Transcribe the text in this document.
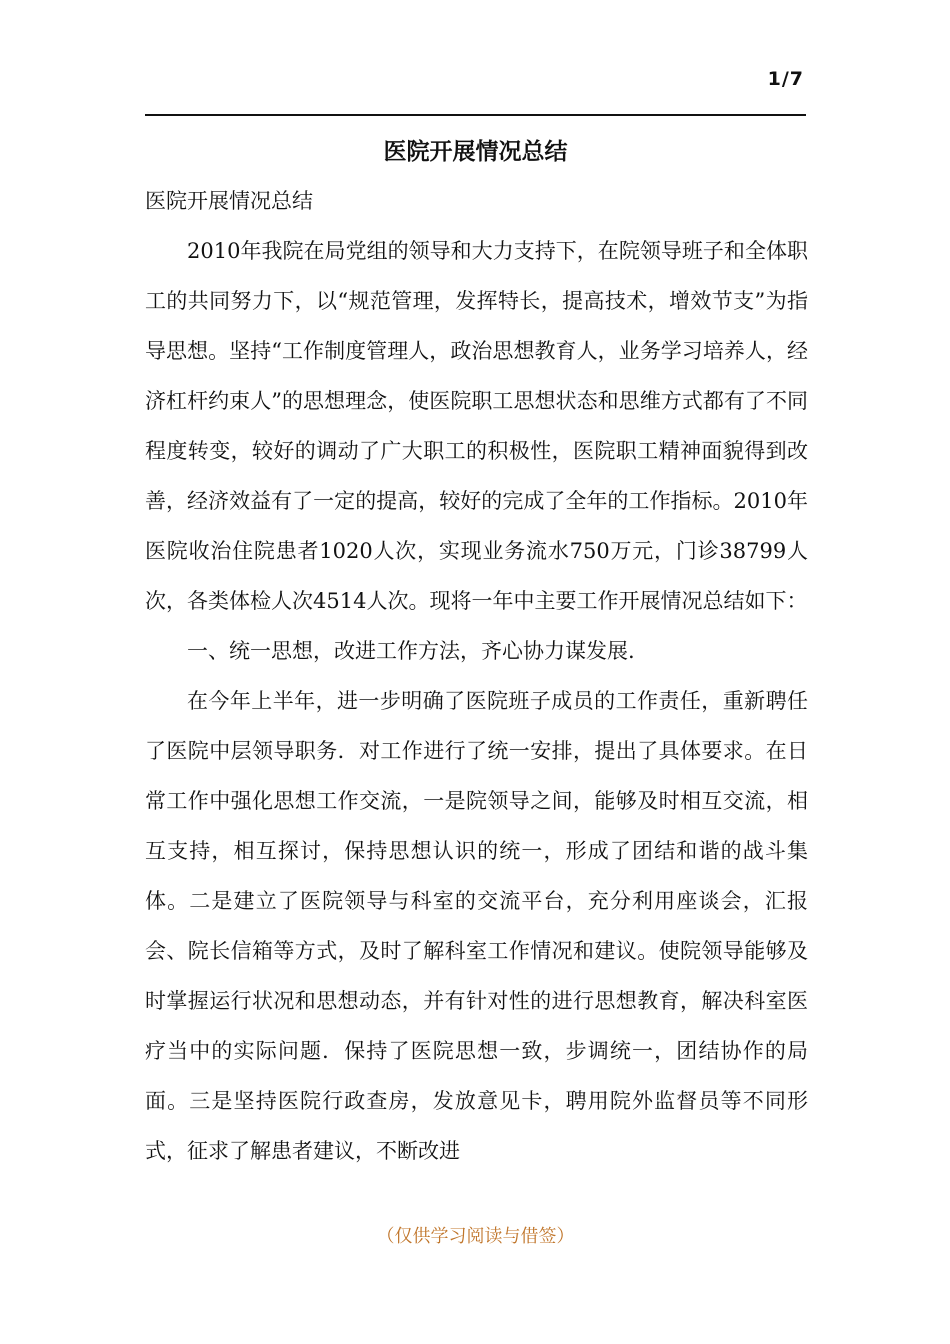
1/7
医院开展情况总结

医院开展情况总结

2010年我院在局党组的领导和大力支持下，在院领导班子和全体职工的共同努力下，以“规范管理，发挥特长，提高技术，增效节支”为指导思想。坚持“工作制度管理人，政治思想教育人，业务学习培养人，经济杠杆约束人”的思想理念，使医院职工思想状态和思维方式都有了不同程度转变，较好的调动了广大职工的积极性，医院职工精神面貌得到改善，经济效益有了一定的提高，较好的完成了全年的工作指标。2010年医院收治住院患者1020人次，实现业务流水750万元，门诊38799人次，各类体检人次4514人次。现将一年中主要工作开展情况总结如下：

一、统一思想，改进工作方法，齐心协力谋发展.

在今年上半年，进一步明确了医院班子成员的工作责任，重新聘任了医院中层领导职务．对工作进行了统一安排，提出了具体要求。在日常工作中强化思想工作交流，一是院领导之间，能够及时相互交流，相互支持，相互探讨，保持思想认识的统一，形成了团结和谐的战斗集体。二是建立了医院领导与科室的交流平台，充分利用座谈会，汇报会、院长信箱等方式，及时了解科室工作情况和建议。使院领导能够及时掌握运行状况和思想动态，并有针对性的进行思想教育，解决科室医疗当中的实际问题．保持了医院思想一致，步调统一，团结协作的局面。三是坚持医院行政查房，发放意见卡，聘用院外监督员等不同形式，征求了解患者建议，不断改进

（仅供学习阅读与借签）
